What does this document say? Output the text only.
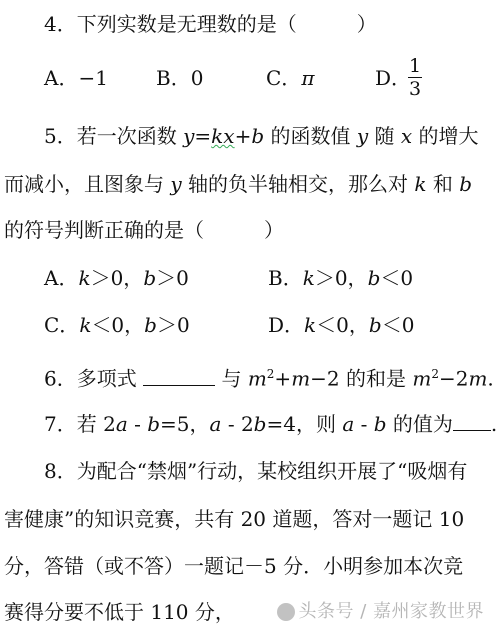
4．下列实数是无理数的是（　　　）
A．−1 B．0	C．π	D．
1
3
5．若一次函数 y=kx+b 的函数值 y 随 x 的增大
而减小，且图象与 y 轴的负半轴相交，那么对 k 和 b
的符号判断正确的是（　　　）
A．k＞0，b＞0	B．k＞0，b＜0
C．k＜0，b＞0	D．k＜0，b＜0
6．多项式	与 $m^2+m-2$ 的和是 $m^2-2m$.
7．若 2a - b=5，a - 2b=4，则 a - b 的值为 .
8．为配合“禁烟”行动，某校组织开展了“吸烟有
害健康”的知识竞赛，共有 20 道题，答对一题记 10
分，答错（或不答）一题记－5 分．小明参加本次竞
赛得分要不低于 110 分，	头条号 / 嘉州家教世界
